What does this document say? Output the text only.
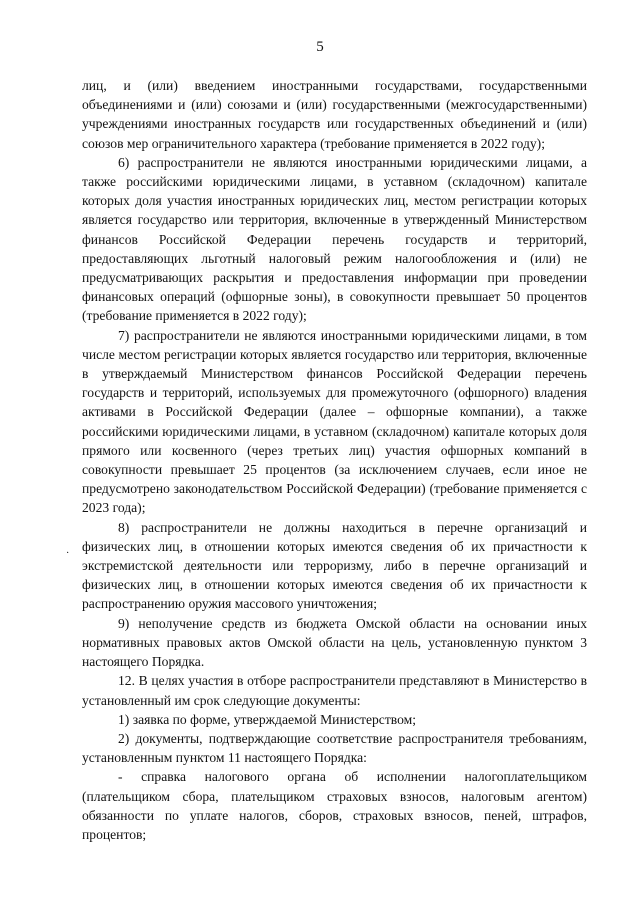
5

лиц, и (или) введением иностранными государствами, государственными объединениями и (или) союзами и (или) государственными (межгосударственными) учреждениями иностранных государств или государственных объединений и (или) союзов мер ограничительного характера (требование применяется в 2022 году);

6) распространители не являются иностранными юридическими лицами, а также российскими юридическими лицами, в уставном (складочном) капитале которых доля участия иностранных юридических лиц, местом регистрации которых является государство или территория, включенные в утвержденный Министерством финансов Российской Федерации перечень государств и территорий, предоставляющих льготный налоговый режим налогообложения и (или) не предусматривающих раскрытия и предоставления информации при проведении финансовых операций (офшорные зоны), в совокупности превышает 50 процентов (требование применяется в 2022 году);

7) распространители не являются иностранными юридическими лицами, в том числе местом регистрации которых является государство или территория, включенные в утверждаемый Министерством финансов Российской Федерации перечень государств и территорий, используемых для промежуточного (офшорного) владения активами в Российской Федерации (далее – офшорные компании), а также российскими юридическими лицами, в уставном (складочном) капитале которых доля прямого или косвенного (через третьих лиц) участия офшорных компаний в совокупности превышает 25 процентов (за исключением случаев, если иное не предусмотрено законодательством Российской Федерации) (требование применяется с 2023 года);

8) распространители не должны находиться в перечне организаций и физических лиц, в отношении которых имеются сведения об их причастности к экстремистской деятельности или терроризму, либо в перечне организаций и физических лиц, в отношении которых имеются сведения об их причастности к распространению оружия массового уничтожения;

9) неполучение средств из бюджета Омской области на основании иных нормативных правовых актов Омской области на цель, установленную пунктом 3 настоящего Порядка.

12. В целях участия в отборе распространители представляют в Министерство в установленный им срок следующие документы:

1) заявка по форме, утверждаемой Министерством;

2) документы, подтверждающие соответствие распространителя требованиям, установленным пунктом 11 настоящего Порядка:

- справка налогового органа об исполнении налогоплательщиком (плательщиком сбора, плательщиком страховых взносов, налоговым агентом) обязанности по уплате налогов, сборов, страховых взносов, пеней, штрафов, процентов;

·
